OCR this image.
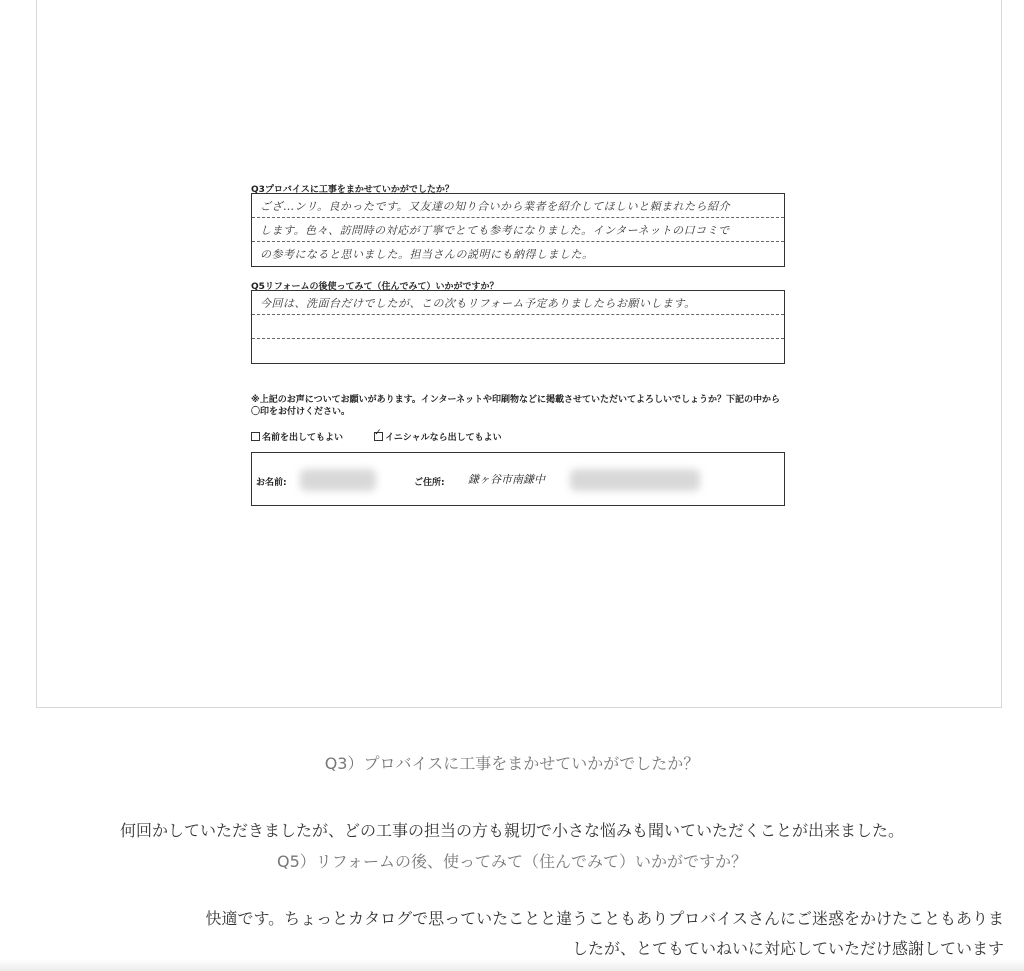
Q3プロバイスに工事をまかせていかがでしたか？
ござ…ンリ。良かったです。又友達の知り合いから業者を紹介してほしいと頼まれたら紹介
します。色々、訪問時の対応が丁寧でとても参考になりました。インターネットの口コミで
の参考になると思いました。担当さんの説明にも納得しました。
Q5リフォームの後使ってみて（住んでみて）いかがですか？
今回は、洗面台だけでしたが、この次もリフォーム予定ありましたらお願いします。
※上記のお声についてお願いがあります。インターネットや印刷物などに掲載させていただいてよろしいでしょうか？下記の中から〇印をお付けください。
名前を出してもよい ✓	イニシャルなら出してもよい
お名前:	ご住所: 鎌ヶ谷市南鎌中
Q3）プロバイスに工事をまかせていかがでしたか？
何回かしていただきましたが、どの工事の担当の方も親切で小さな悩みも聞いていただくことが出来ました。
Q5）リフォームの後、使ってみて（住んでみて）いかがですか？
快適です。ちょっとカタログで思っていたことと違うこともありプロバイスさんにご迷惑をかけたこともありま
したが、とてもていねいに対応していただけ感謝しています
